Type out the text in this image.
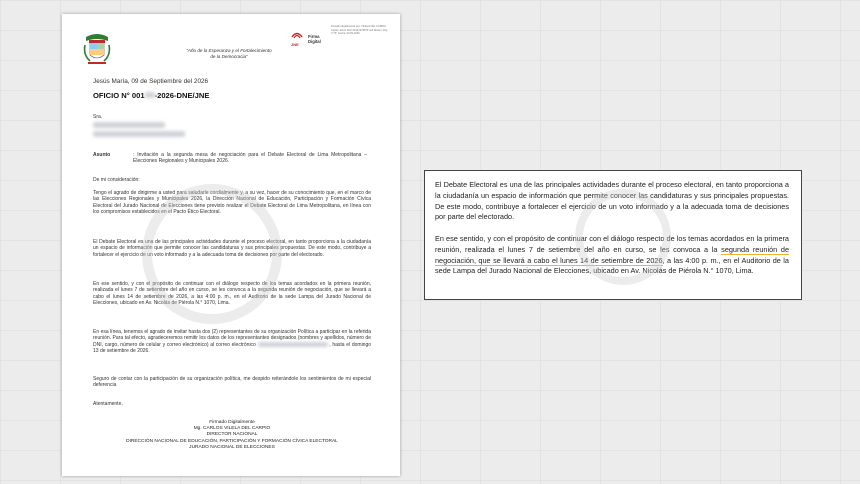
“Año de la Esperanza y el Fortalecimiento
de la Democracia”
JNE
Firma
Digital
Firmado digitalmente por: VILELA DEL CARPIO Carlos Jesús FAU 20131378972 soft Motivo: Doy V° B° Fecha: 09.09.2026
Jesús María, 09 de Septiembre del 2026
OFICIO N° 001 -2026-DNE/JNE
Sra.
Asunto	: Invitación a la segunda mesa de negociación para el Debate Electoral de Lima Metropolitana – Elecciones Regionales y Municipales 2026.
De mi consideración:
Tengo el agrado de dirigirme a usted para saludarle cordialmente y, a su vez, hacer de su conocimiento que, en el marco de las Elecciones Regionales y Municipales 2026, la Dirección Nacional de Educación, Participación y Formación Cívica Electoral del Jurado Nacional de Elecciones tiene previsto realizar el Debate Electoral de Lima Metropolitana, en línea con los compromisos establecidos en el Pacto Ético Electoral.
El Debate Electoral es una de las principales actividades durante el proceso electoral, en tanto proporciona a la ciudadanía un espacio de información que permite conocer las candidaturas y sus principales propuestas. De este modo, contribuye a fortalecer el ejercicio de un voto informado y a la adecuada toma de decisiones por parte del electorado.
En ese sentido, y con el propósito de continuar con el diálogo respecto de los temas acordados en la primera reunión, realizada el lunes 7 de setiembre del año en curso, se les convoca a la segunda reunión de negociación, que se llevará a cabo el lunes 14 de setiembre de 2026, a las 4:00 p. m., en el Auditorio de la sede Lampa del Jurado Nacional de Elecciones, ubicado en Av. Nicolás de Piérola N.° 1070, Lima.
En esa línea, tenemos el agrado de invitar hasta dos (2) representantes de su organización Política a participar en la referida reunión. Para tal efecto, agradeceremos remitir los datos de los representantes designados (nombres y apellidos, número de DNI, cargo, número de celular y correo electrónico) al correo electrónico	, hasta el domingo 13 de setiembre de 2026.
Seguro de contar con la participación de su organización política, me despido reiterándole los sentimientos de mi especial deferencia
Atentamente,
Firmado Digitalmente
Mg. CARLOS VILELA DEL CARPIO
DIRECTOR NACIONAL
DIRECCIÓN NACIONAL DE EDUCACIÓN, PARTICIPACIÓN Y FORMACIÓN CÍVICA ELECTORAL
JURADO NACIONAL DE ELECCIONES
El Debate Electoral es una de las principales actividades durante el proceso electoral, en tanto proporciona a la ciudadanía un espacio de información que permite conocer las candidaturas y sus principales propuestas. De este modo, contribuye a fortalecer el ejercicio de un voto informado y a la adecuada toma de decisiones por parte del electorado.
En ese sentido, y con el propósito de continuar con el diálogo respecto de los temas acordados en la primera reunión, realizada el lunes 7 de setiembre del año en curso, se les convoca a la segunda reunión de negociación, que se llevará a cabo el lunes 14 de setiembre de 2026, a las 4:00 p. m., en el Auditorio de la sede Lampa del Jurado Nacional de Elecciones, ubicado en Av. Nicolás de Piérola N.° 1070, Lima.
